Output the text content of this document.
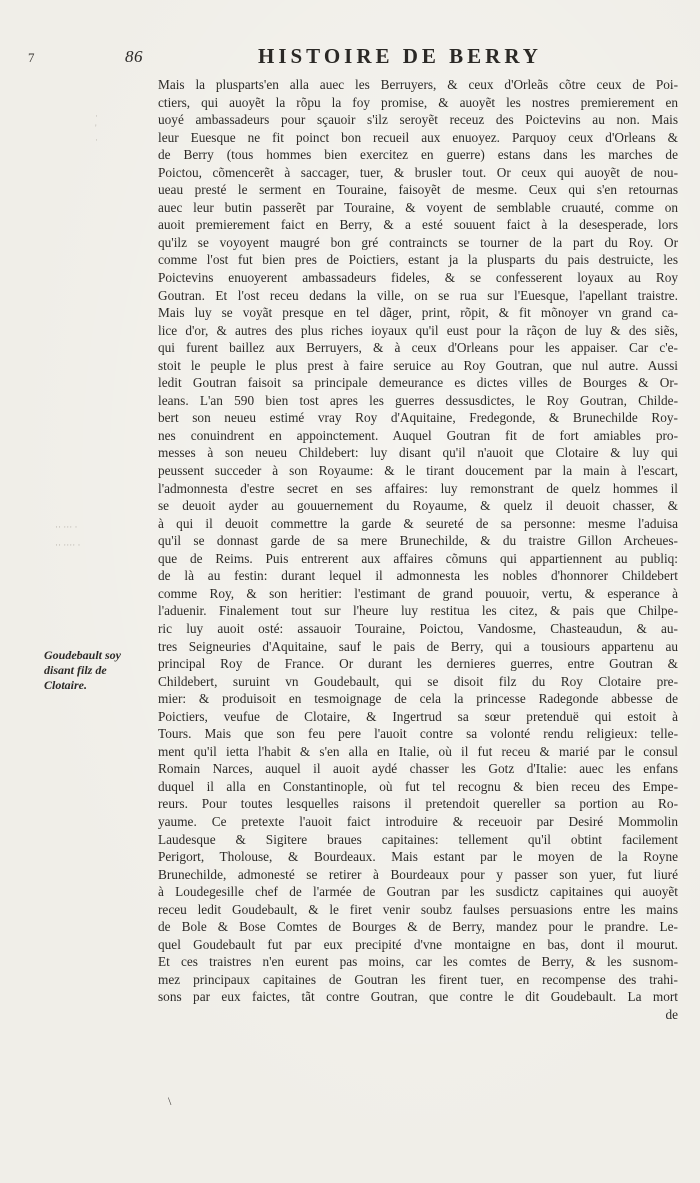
7	86	HISTOIRE DE BERRY
·
'
·
·· ··· ·
·· ···· ·
Goudebault soy
disant filz de
Clotaire.
Mais la plusparts'en alla auec les Berruyers, & ceux d'Orleãs cõtre ceux de Poi-
ctiers, qui auoyẽt la rõpu la foy promise, & auoyẽt les nostres premierement en
uoyé ambassadeurs pour sçauoir s'ilz seroyẽt receuz des Poictevins au non. Mais
leur Euesque ne fit poinct bon recueil aux enuoyez. Parquoy ceux d'Orleans &
de Berry (tous hommes bien exercitez en guerre) estans dans les marches de
Poictou, cõmencerẽt à saccager, tuer, & brusler tout. Or ceux qui auoyẽt de nou-
ueau presté le serment en Touraine, faisoyẽt de mesme. Ceux qui s'en retournas
auec leur butin passerẽt par Touraine, & voyent de semblable cruauté, comme on
auoit premierement faict en Berry, & a esté souuent faict à la desesperade, lors
qu'ilz se voyoyent maugré bon gré contraincts se tourner de la part du Roy. Or
comme l'ost fut bien pres de Poictiers, estant ja la plusparts du pais destruicte, les
Poictevins enuoyerent ambassadeurs fideles, & se confesserent loyaux au Roy
Goutran. Et l'ost receu dedans la ville, on se rua sur l'Euesque, l'apellant traistre.
Mais luy se voyãt presque en tel dãger, print, rõpit, & fit mõnoyer vn grand ca-
lice d'or, & autres des plus riches ioyaux qu'il eust pour la rãçon de luy & des siẽs,
qui furent baillez aux Berruyers, & à ceux d'Orleans pour les appaiser. Car c'e-
stoit le peuple le plus prest à faire seruice au Roy Goutran, que nul autre. Aussi
ledit Goutran faisoit sa principale demeurance es dictes villes de Bourges & Or-
leans. L'an 590 bien tost apres les guerres dessusdictes, le Roy Goutran, Childe-
bert son neueu estimé vray Roy d'Aquitaine, Fredegonde, & Brunechilde Roy-
nes conuindrent en appoinctement. Auquel Goutran fit de fort amiables pro-
messes à son neueu Childebert: luy disant qu'il n'auoit que Clotaire & luy qui
peussent succeder à son Royaume: & le tirant doucement par la main à l'escart,
l'admonnesta d'estre secret en ses affaires: luy remonstrant de quelz hommes il
se deuoit ayder au gouuernement du Royaume, & quelz il deuoit chasser, &
à qui il deuoit commettre la garde & seureté de sa personne: mesme l'aduisa
qu'il se donnast garde de sa mere Brunechilde, & du traistre Gillon Archeues-
que de Reims. Puis entrerent aux affaires cõmuns qui appartiennent au publiq:
de là au festin: durant lequel il admonnesta les nobles d'honnorer Childebert
comme Roy, & son heritier: l'estimant de grand pouuoir, vertu, & esperance à
l'aduenir. Finalement tout sur l'heure luy restitua les citez, & pais que Chilpe-
ric luy auoit osté: assauoir Touraine, Poictou, Vandosme, Chasteaudun, & au-
tres Seigneuries d'Aquitaine, sauf le pais de Berry, qui a tousiours appartenu au
principal Roy de France. Or durant les dernieres guerres, entre Goutran &
Childebert, suruint vn Goudebault, qui se disoit filz du Roy Clotaire pre-
mier: & produisoit en tesmoignage de cela la princesse Radegonde abbesse de
Poictiers, veufue de Clotaire, & Ingertrud sa sœur pretenduë qui estoit à
Tours. Mais que son feu pere l'auoit contre sa volonté rendu religieux: telle-
ment qu'il ietta l'habit & s'en alla en Italie, où il fut receu & marié par le consul
Romain Narces, auquel il auoit aydé chasser les Gotz d'Italie: auec les enfans
duquel il alla en Constantinople, où fut tel recognu & bien receu des Empe-
reurs. Pour toutes lesquelles raisons il pretendoit quereller sa portion au Ro-
yaume. Ce pretexte l'auoit faict introduire & receuoir par Desiré Mommolin
Laudesque & Sigitere braues capitaines: tellement qu'il obtint facilement
Perigort, Tholouse, & Bourdeaux. Mais estant par le moyen de la Royne
Brunechilde, admonesté se retirer à Bourdeaux pour y passer son yuer, fut liuré
à Loudegesille chef de l'armée de Goutran par les susdictz capitaines qui auoyẽt
receu ledit Goudebault, & le firet venir soubz faulses persuasions entre les mains
de Bole & Bose Comtes de Bourges & de Berry, mandez pour le prandre. Le-
quel Goudebault fut par eux precipité d'vne montaigne en bas, dont il mourut.
Et ces traistres n'en eurent pas moins, car les comtes de Berry, & les susnom-
mez principaux capitaines de Goutran les firent tuer, en recompense des trahi-
sons par eux faictes, tãt contre Goutran, que contre le dit Goudebault. La mort
de
\
